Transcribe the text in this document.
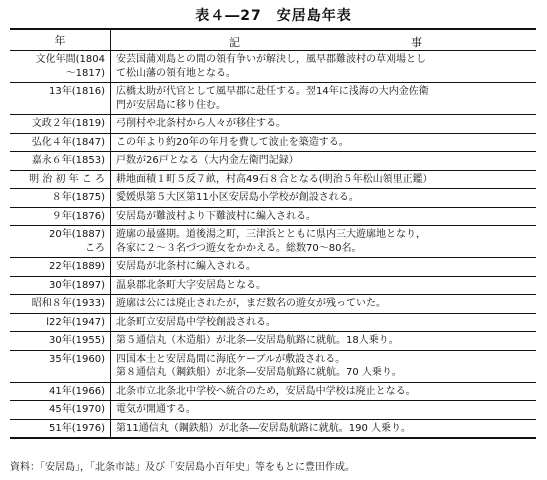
表４―27　安居島年表
年	記 事

文化年間(1804
～1817)	安芸国蒲刈島との間の領有争いが解決し，風早郡難波村の草刈場とし
て松山藩の領有地となる。
13年(1816)	広橋太助が代官として風早郡に赴任する。翌14年に浅海の大内金佐衛
門が安居島に移り住む。
文政２年(1819)	弓削村や北条村から人々が移住する。
弘化４年(1847)	この年より約20年の年月を費して波止を築造する。
嘉永６年(1853)	戸数が26戸となる（大内金左衛門記録）
明 治 初 年 こ ろ	耕地面積１町５反７畝，村高49石８合となる(明治５年松山領里正鑑）
８年(1875)	愛媛県第５大区第11小区安居島小学校が創設される。
９年(1876)	安居島が難波村より下難波村に編入される。
20年(1887)
ころ	遊廓の最盛期。道後湯之町，三津浜とともに県内三大遊廓地となり，
各家に２～３名づつ遊女をかかえる。総数70～80名。
22年(1889)	安居島が北条村に編入される。
30年(1897)	温泉郡北条町大字安居島となる。
昭和８年(1933)	遊廓は公には廃止されたが，まだ数名の遊女が残っていた。
l22年(1947)	北条町立安居島中学校創設される。
30年(1955)	第５通信丸（木造船）が北条―安居島航路に就航。18人乗り。
35年(1960)	四国本土と安居島間に海底ケーブルが敷設される。
第８通信丸（鋼鉄船）が北条―安居島航路に就航。70 人乗り。
41年(1966)	北条市立北条北中学校へ統合のため，安居島中学校は廃止となる。
45年(1970)	電気が開通する。
51年(1976)	第11通信丸（鋼鉄船）が北条―安居島航路に就航。190 人乗り。
資料：「安居島」，「北条市誌」及び「安居島小百年史」等をもとに豊田作成。
